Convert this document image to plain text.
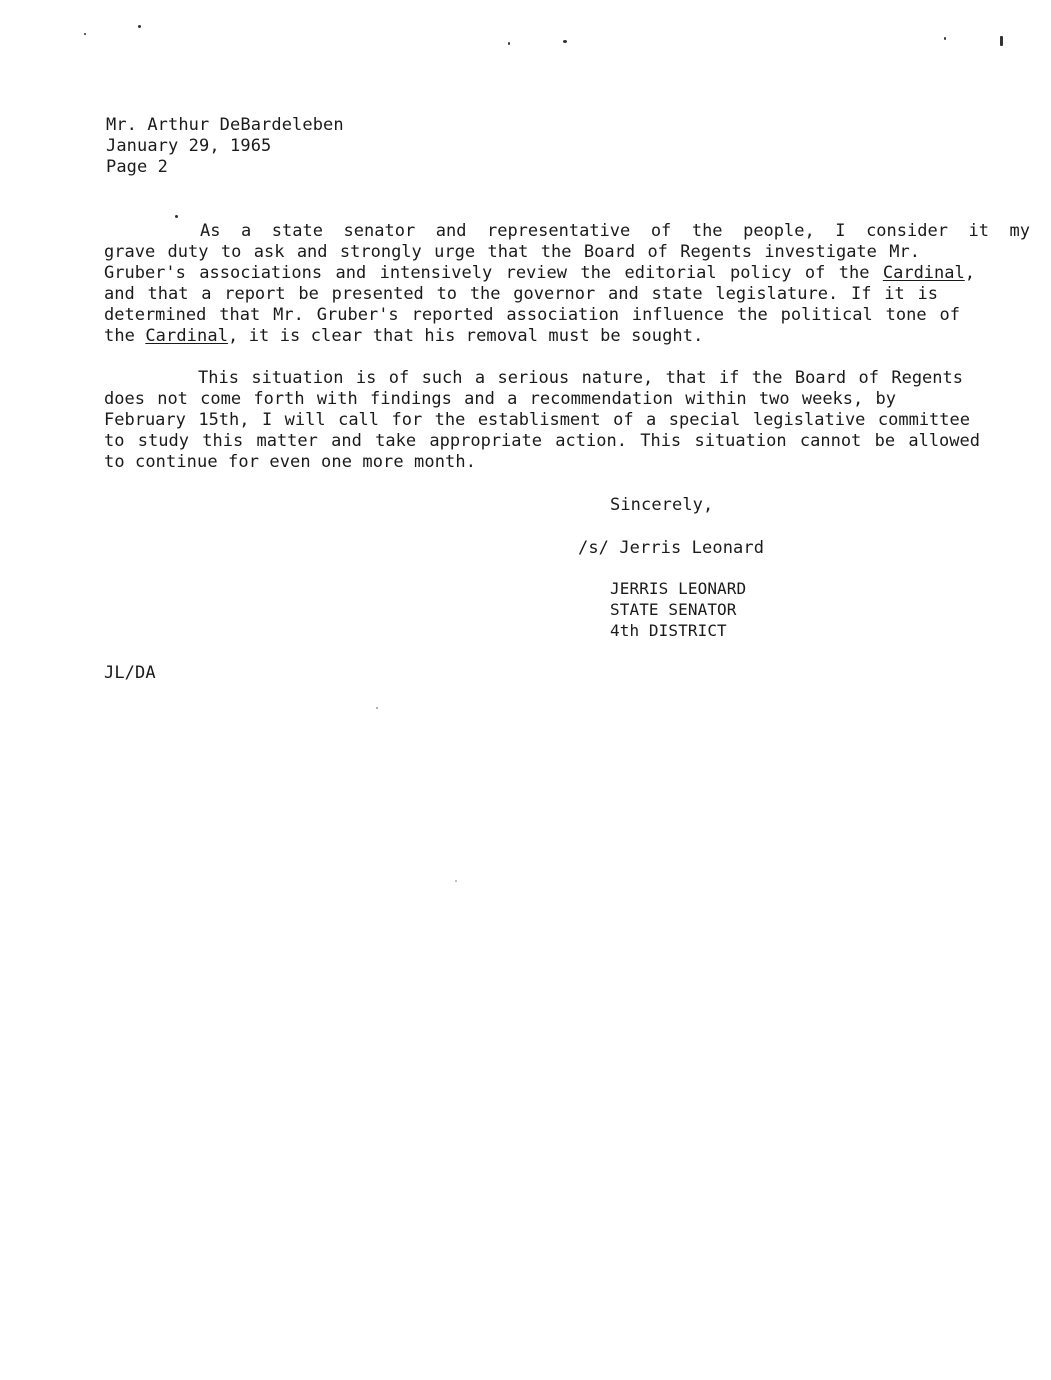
Mr. Arthur DeBardeleben
January 29, 1965
Page 2
As a state senator and representative of the people, I consider it my
grave duty to ask and strongly urge that the Board of Regents investigate Mr.
Gruber's associations and intensively review the editorial policy of the Cardinal,
and that a report be presented to the governor and state legislature. If it is
determined that Mr. Gruber's reported association influence the political tone of
the Cardinal, it is clear that his removal must be sought.
This situation is of such a serious nature, that if the Board of Regents
does not come forth with findings and a recommendation within two weeks, by
February 15th, I will call for the establisment of a special legislative committee
to study this matter and take appropriate action. This situation cannot be allowed
to continue for even one more month.
Sincerely,
/s/ Jerris Leonard
JERRIS LEONARD
STATE SENATOR
4th DISTRICT
JL/DA
